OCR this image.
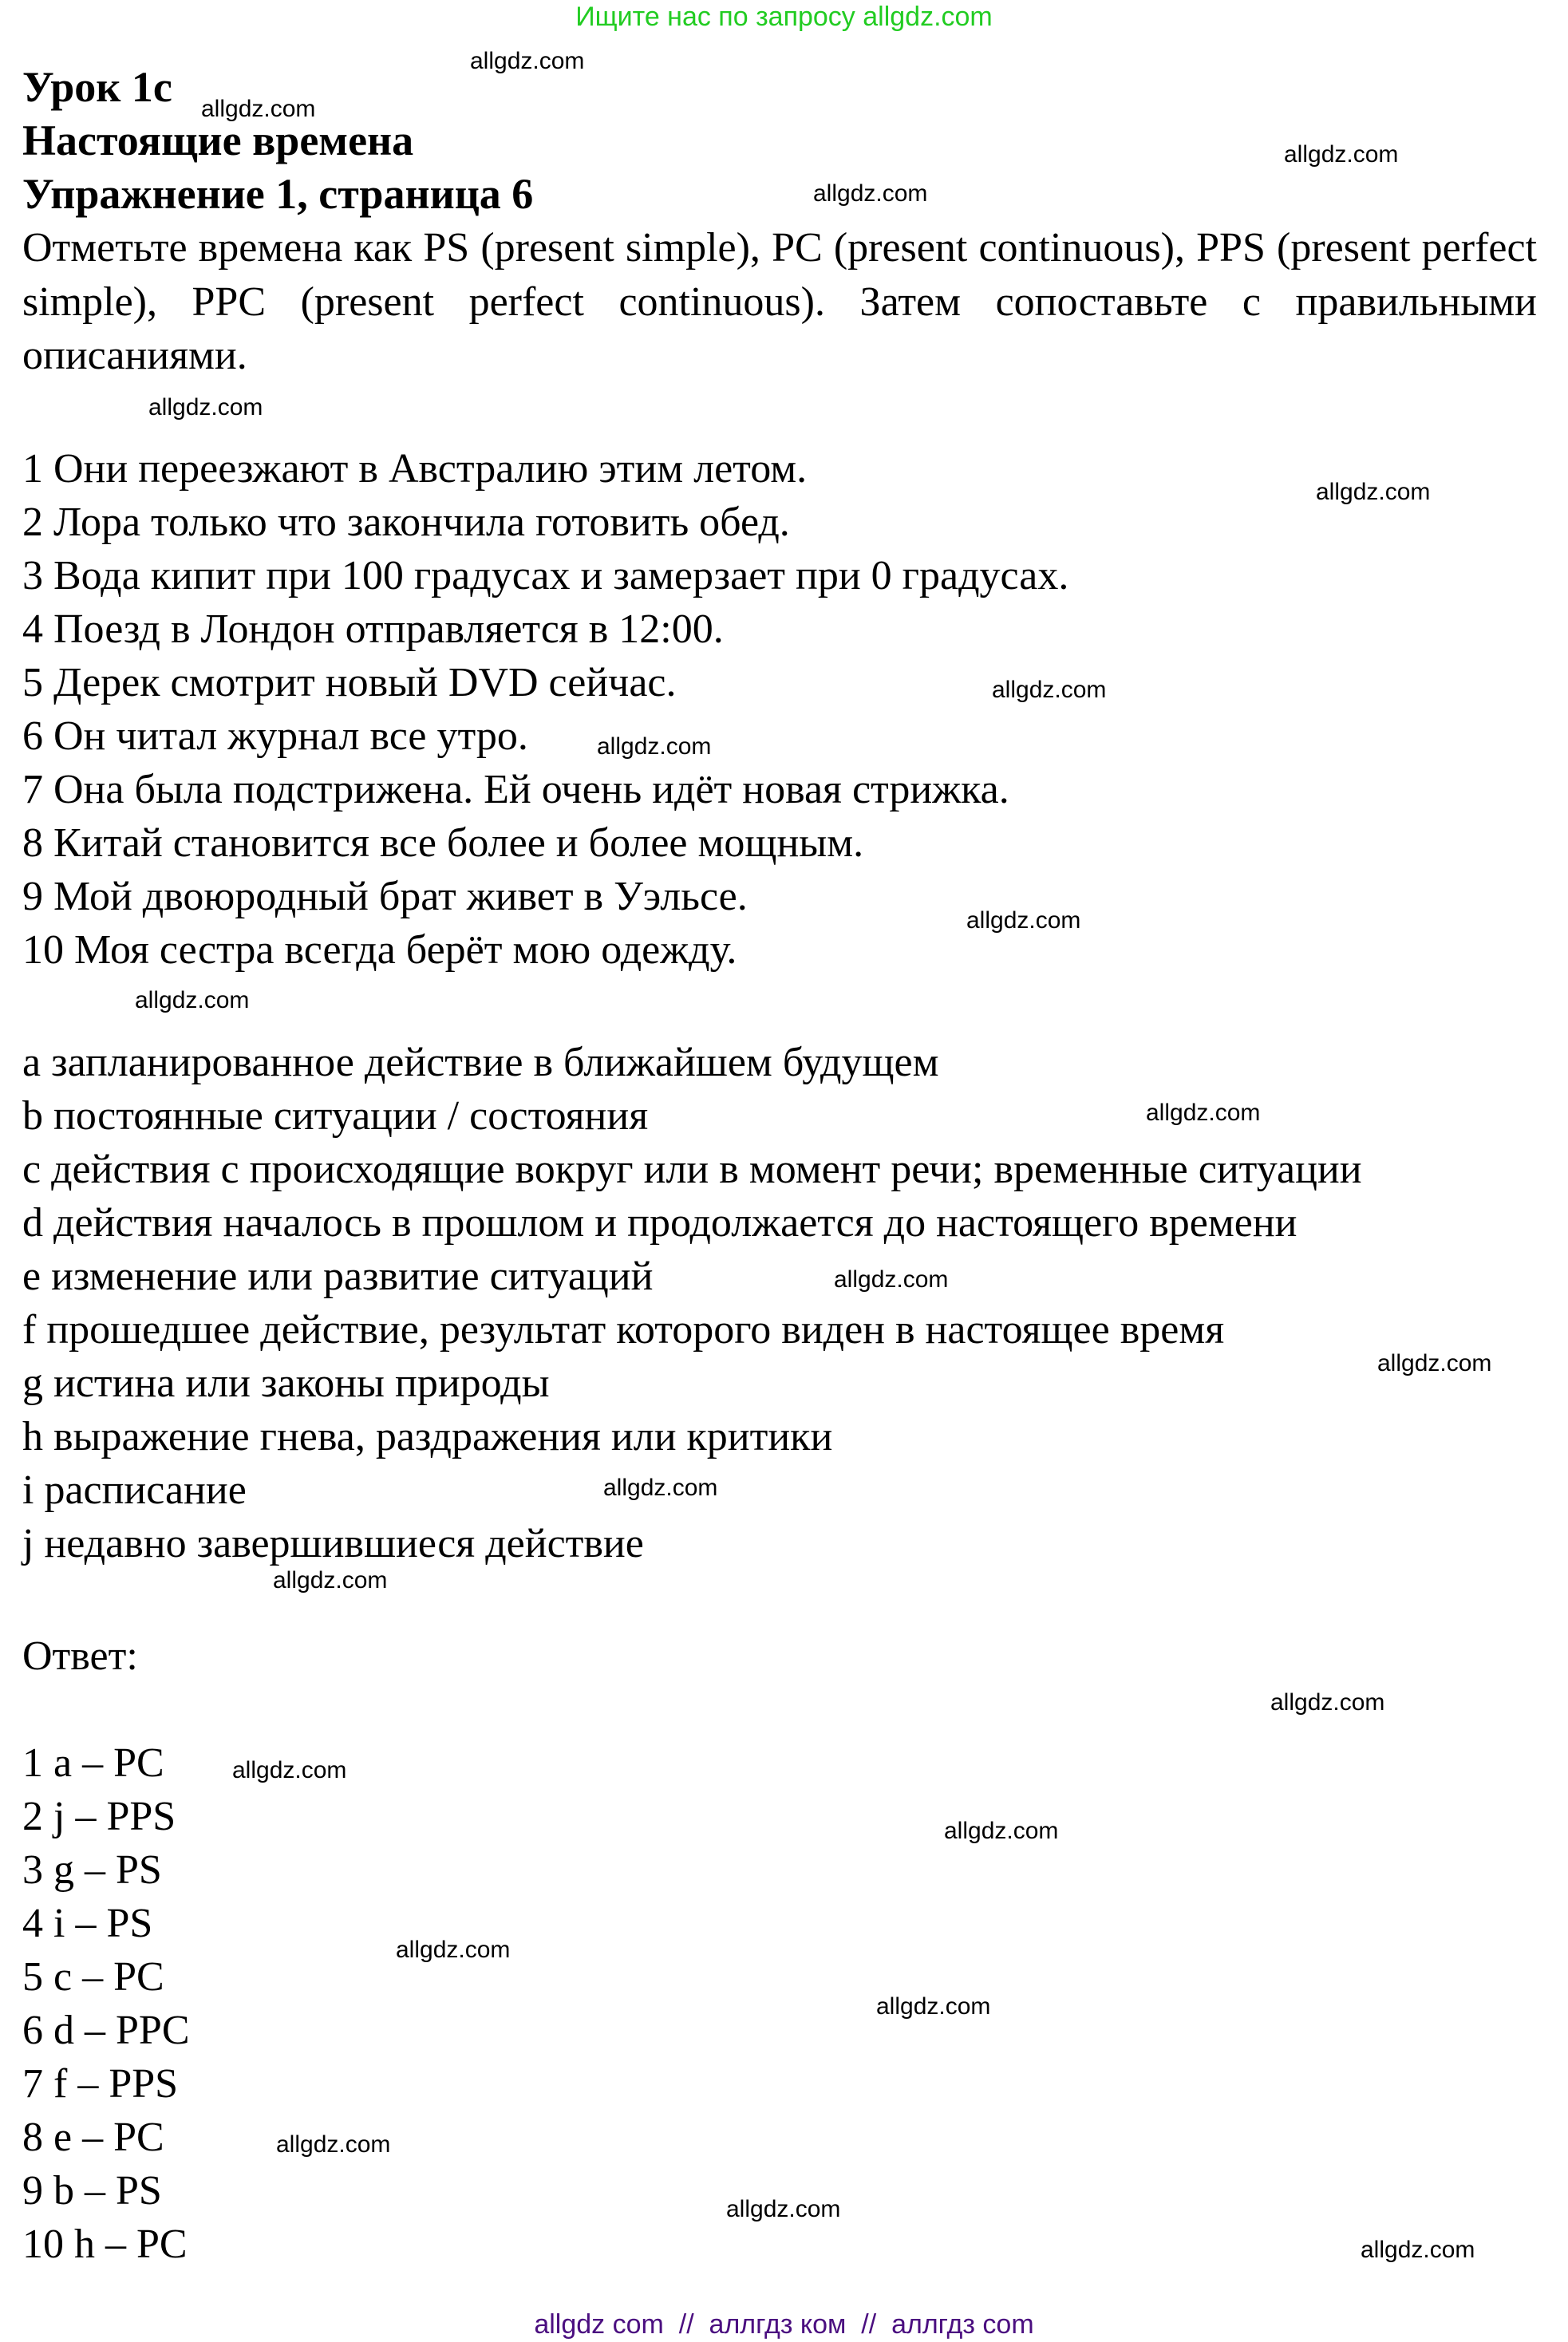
Ищите нас по запросу allgdz.com
Урок 1c
Настоящие времена
Упражнение 1, страница 6
Отметьте времена как PS (present simple), PC (present continuous), PPS (present perfect simple), PPC (present perfect continuous). Затем сопоставьте с правильными описаниями.
1 Они переезжают в Австралию этим летом.
2 Лора только что закончила готовить обед.
3 Вода кипит при 100 градусах и замерзает при 0 градусах.
4 Поезд в Лондон отправляется в 12:00.
5 Дерек смотрит новый DVD сейчас.
6 Он читал журнал все утро.
7 Она была подстрижена. Ей очень идёт новая стрижка.
8 Китай становится все более и более мощным.
9 Мой двоюродный брат живет в Уэльсе.
10 Моя сестра всегда берёт мою одежду.
a запланированное действие в ближайшем будущем
b постоянные ситуации / состояния
c действия с происходящие вокруг или в момент речи; временные ситуации
d действия началось в прошлом и продолжается до настоящего времени
e изменение или развитие ситуаций
f прошедшее действие, результат которого виден в настоящее время
g истина или законы природы
h выражение гнева, раздражения или критики
i расписание
j недавно завершившиеся действие
Ответ:
1 a – PC
2 j – PPS
3 g – PS
4 i – PS
5 c – PC
6 d – PPC
7 f – PPS
8 e – PC
9 b – PS
10 h – PC
allgdz.com
allgdz.com
allgdz.com
allgdz.com
allgdz.com
allgdz.com
allgdz.com
allgdz.com
allgdz.com
allgdz.com
allgdz.com
allgdz.com
allgdz.com
allgdz.com
allgdz.com
allgdz.com
allgdz.com
allgdz.com
allgdz.com
allgdz.com
allgdz.com
allgdz.com
allgdz.com
allgdz com  //  аллгдз ком  //  аллгдз com
